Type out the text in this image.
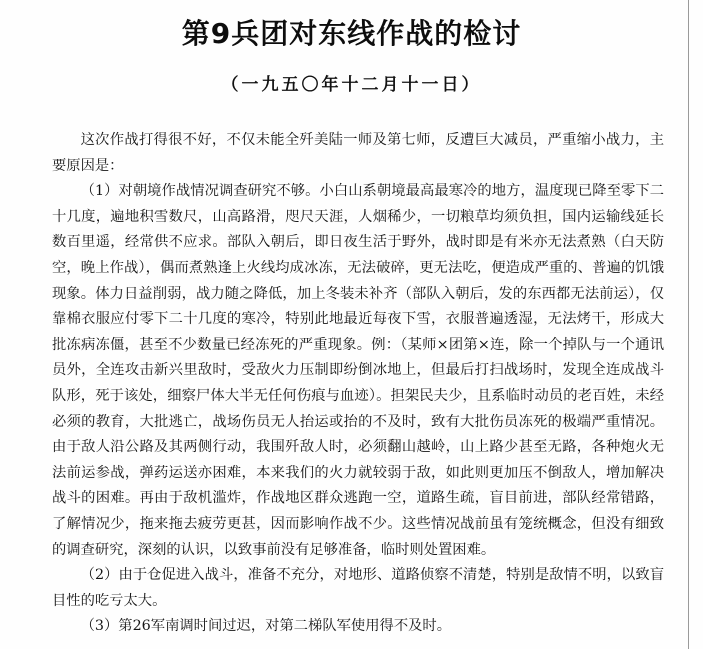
第9兵团对东线作战的检讨
（一九五〇年十二月十一日）

这次作战打得很不好，不仅未能全歼美陆一师及第七师，反遭巨大减员，严重缩小战力，主要原因是：

（1）对朝境作战情况调查研究不够。小白山系朝境最高最寒冷的地方，温度现已降至零下二十几度，遍地积雪数尺，山高路滑，咫尺天涯，人烟稀少，一切粮草均须负担，国内运输线延长数百里遥，经常供不应求。部队入朝后，即日夜生活于野外，战时即是有米亦无法煮熟（白天防空，晚上作战），偶而煮熟逢上火线均成冰冻，无法破碎，更无法吃，便造成严重的、普遍的饥饿现象。体力日益削弱，战力随之降低，加上冬装未补齐（部队入朝后，发的东西都无法前运），仅靠棉衣服应付零下二十几度的寒冷，特别此地最近每夜下雪，衣服普遍透湿，无法烤干，形成大批冻病冻僵，甚至不少数量已经冻死的严重现象。例：（某师×团第×连，除一个掉队与一个通讯员外，全连攻击新兴里敌时，受敌火力压制即纷倒冰地上，但最后打扫战场时，发现全连成战斗队形，死于该处，细察尸体大半无任何伤痕与血迹）。担架民夫少，且系临时动员的老百姓，未经必须的教育，大批逃亡，战场伤员无人抬运或抬的不及时，致有大批伤员冻死的极端严重情况。由于敌人沿公路及其两侧行动，我围歼敌人时，必须翻山越岭，山上路少甚至无路，各种炮火无法前运参战，弹药运送亦困难，本来我们的火力就较弱于敌，如此则更加压不倒敌人，增加解决战斗的困难。再由于敌机滥炸，作战地区群众逃跑一空，道路生疏，盲目前进，部队经常错路，了解情况少，拖来拖去疲劳更甚，因而影响作战不少。这些情况战前虽有笼统概念，但没有细致的调查研究，深刻的认识，以致事前没有足够准备，临时则处置困难。

（2）由于仓促进入战斗，准备不充分，对地形、道路侦察不清楚，特别是敌情不明，以致盲目性的吃亏太大。

（3）第26军南调时间过迟，对第二梯队军使用得不及时。
